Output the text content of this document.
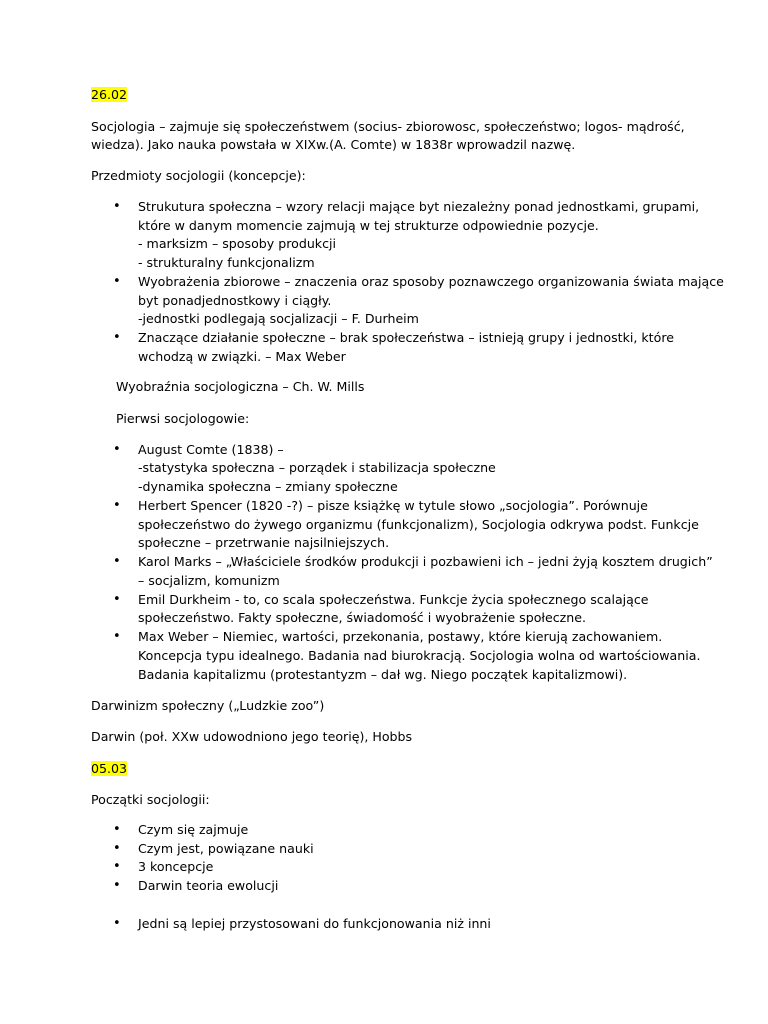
26.02
Socjologia – zajmuje się społeczeństwem (socius- zbiorowosc, społeczeństwo; logos- mądrość,
wiedza). Jako nauka powstała w XIXw.(A. Comte) w 1838r wprowadzil nazwę.
Przedmioty socjologii (koncepcje):
• Strukutura społeczna – wzory relacji mające byt niezależny ponad jednostkami, grupami,
które w danym momencie zajmują w tej strukturze odpowiednie pozycje.
- marksizm – sposoby produkcji
- strukturalny funkcjonalizm
• Wyobrażenia zbiorowe – znaczenia oraz sposoby poznawczego organizowania świata mające
byt ponadjednostkowy i ciągły.
-jednostki podlegają socjalizacji – F. Durheim
• Znaczące działanie społeczne – brak społeczeństwa – istnieją grupy i jednostki, które
wchodzą w związki. – Max Weber
Wyobraźnia socjologiczna – Ch. W. Mills
Pierwsi socjologowie:
• August Comte (1838) –
-statystyka społeczna – porządek i stabilizacja społeczne
-dynamika społeczna – zmiany społeczne
• Herbert Spencer (1820 -?) – pisze książkę w tytule słowo „socjologia”. Porównuje
społeczeństwo do żywego organizmu (funkcjonalizm), Socjologia odkrywa podst. Funkcje
społeczne – przetrwanie najsilniejszych.
• Karol Marks – „Właściciele środków produkcji i pozbawieni ich – jedni żyją kosztem drugich”
– socjalizm, komunizm
• Emil Durkheim - to, co scala społeczeństwa. Funkcje życia społecznego scalające
społeczeństwo. Fakty społeczne, świadomość i wyobrażenie społeczne.
• Max Weber – Niemiec, wartości, przekonania, postawy, które kierują zachowaniem.
Koncepcja typu idealnego. Badania nad biurokracją. Socjologia wolna od wartościowania.
Badania kapitalizmu (protestantyzm – dał wg. Niego początek kapitalizmowi).
Darwinizm społeczny („Ludzkie zoo”)
Darwin (poł. XXw udowodniono jego teorię), Hobbs
05.03
Początki socjologii:
• Czym się zajmuje
• Czym jest, powiązane nauki
• 3 koncepcje
• Darwin teoria ewolucji
• Jedni są lepiej przystosowani do funkcjonowania niż inni
